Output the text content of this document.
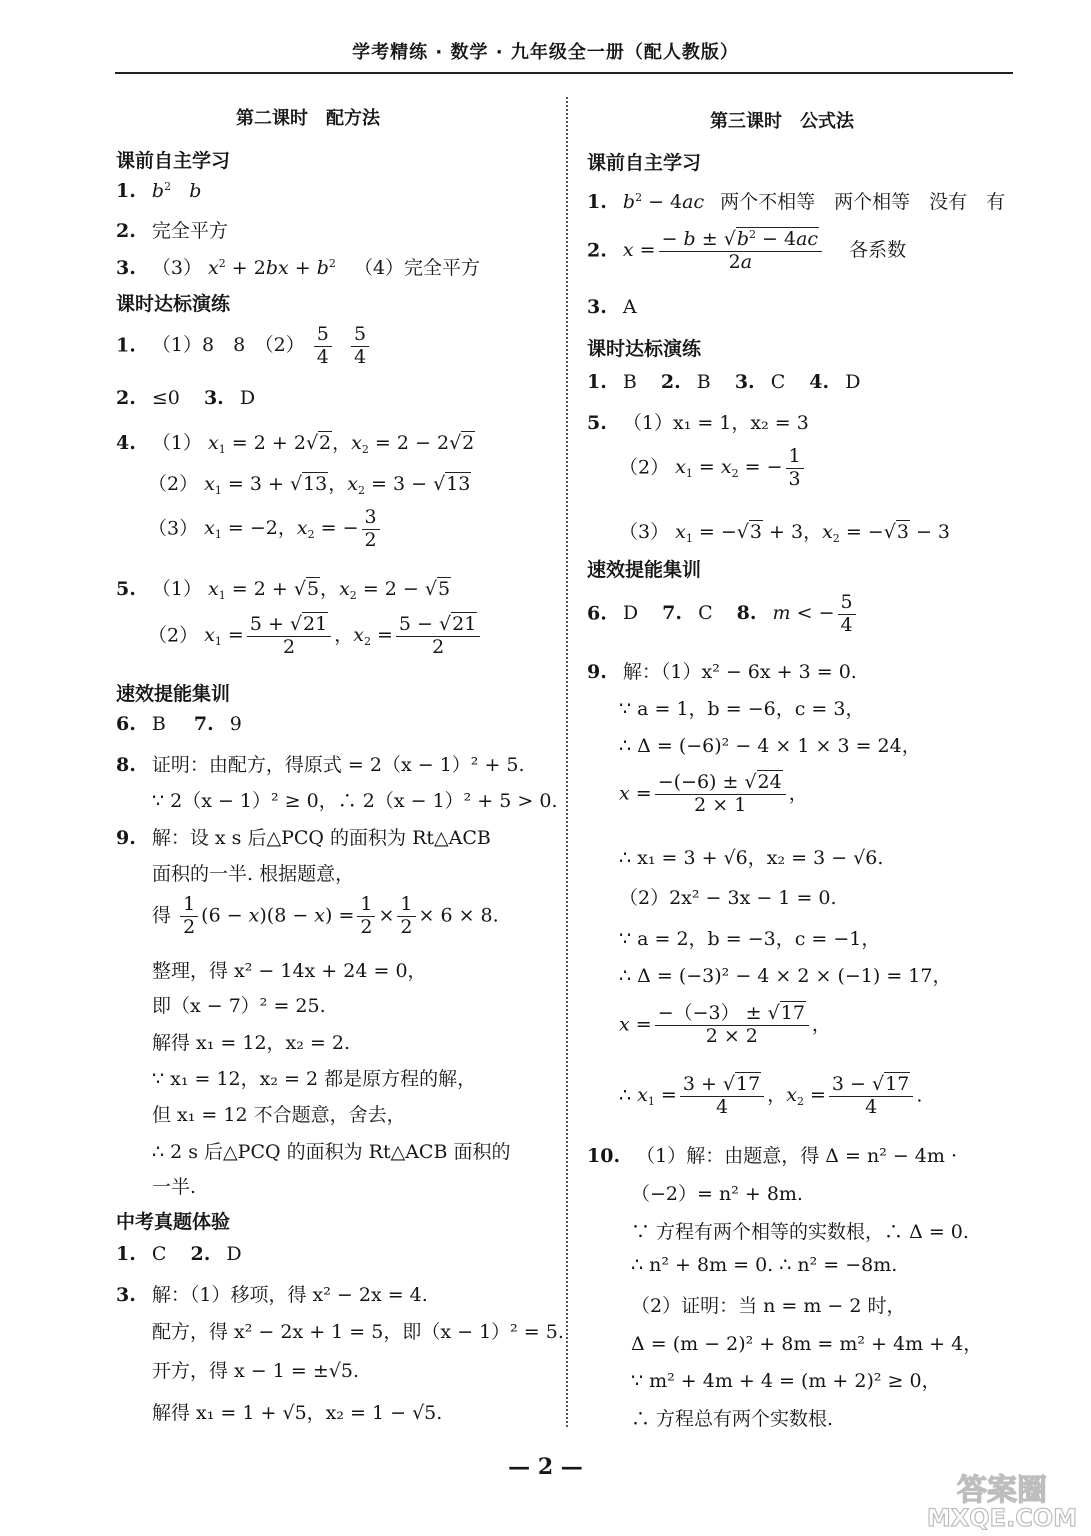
学考精练 · 数学 · 九年级全一册（配人教版）
第二课时　配方法
课前自主学习
1. $b^2$ b
2. 完全平方
3. （3） $x^2 + 2bx + b^2$ （4）完全平方
课时达标演练
1. （1）8　8　$(2) \frac{5}{4}$
$\frac{5}{4}$
2. ≤0 3. D
4. （1） $x_1 = 2 + 2√2$，$x_2 = 2 - 2√2$
（2） $x_1 = 3 + √13$，$x_2 = 3 - √13$
（3） $x_1 = -2$，$x_2$ = − $\frac{3}{2}$
5. （1） $x_1 = 2 + √5$，$x_2 = 2 - √5$
（2） $x_1 = \frac{5 + √21}{2}$ ，$x_2 = \frac{5 - √21}{2}$
速效提能集训
6. B 7. 9
8. 证明：由配方，得原式 = 2（x − 1）² + 5.
∵ 2（x − 1）² ≥ 0，∴ 2（x − 1）² + 5 > 0.
9. 解：设 x s 后△PCQ 的面积为 Rt△ACB
面积的一半. 根据题意，
得 $\frac{1}{2} (6 - x)(8 - x) = \frac{1}{2} \times \frac{1}{2} \times 6 \times 8$.
整理，得 x² − 14x + 24 = 0，
即（x − 7）² = 25.
解得 x₁ = 12，x₂ = 2.
∵ x₁ = 12，x₂ = 2 都是原方程的解，
但 x₁ = 12 不合题意，舍去，
∴ 2 s 后△PCQ 的面积为 Rt△ACB 面积的
一半.
中考真题体验
1. C 2. D
3. 解：（1）移项，得 x² − 2x = 4.
配方，得 x² − 2x + 1 = 5，即（x − 1）² = 5.
开方，得 x − 1 = ±√5.
解得 x₁ = 1 + √5，x₂ = 1 − √5.
第三课时　公式法
课前自主学习
1. $b^2 - 4ac$ 两个不相等　两个相等　没有　有
2. $x = \frac{- b \pm √b^2 - 4ac}{2a}$ 各系数
3. A
课时达标演练
1. B 2. B 3. C 4. D
5. （1）x₁ = 1，x₂ = 3
（2） $x_1 = x_2$ = − $\frac{1}{3}$
（3） $x_1 = -√3 + 3$，$x_2 = -√3 - 3$
速效提能集训
6. D 7. C 8. m < − $\frac{5}{4}$
9. 解：（1）x² − 6x + 3 = 0.
∵ a = 1，b = −6，c = 3，
∴ Δ = (−6)² − 4 × 1 × 3 = 24，
$x = \frac{-(-6) \pm √24}{2 \times 1}$ ，
∴ x₁ = 3 + √6，x₂ = 3 − √6.
（2）2x² − 3x − 1 = 0.
∵ a = 2，b = −3，c = −1，
∴ Δ = (−3)² − 4 × 2 × (−1) = 17，
$x = \frac{-(-3) \pm √17}{2 \times 2}$ ，
∴ $x_1 = \frac{3 + √17}{4}$ ，$x_2 = \frac{3 - √17}{4}$ .
10. （1）解：由题意，得 Δ = n² − 4m ·
（−2）= n² + 8m.
∵ 方程有两个相等的实数根，∴ Δ = 0.
∴ n² + 8m = 0. ∴ n² = −8m.
（2）证明：当 n = m − 2 时，
Δ = (m − 2)² + 8m = m² + 4m + 4，
∵ m² + 4m + 4 = (m + 2)² ≥ 0，
∴ 方程总有两个实数根.
— 2 —
答案圈
MXQE.COM
